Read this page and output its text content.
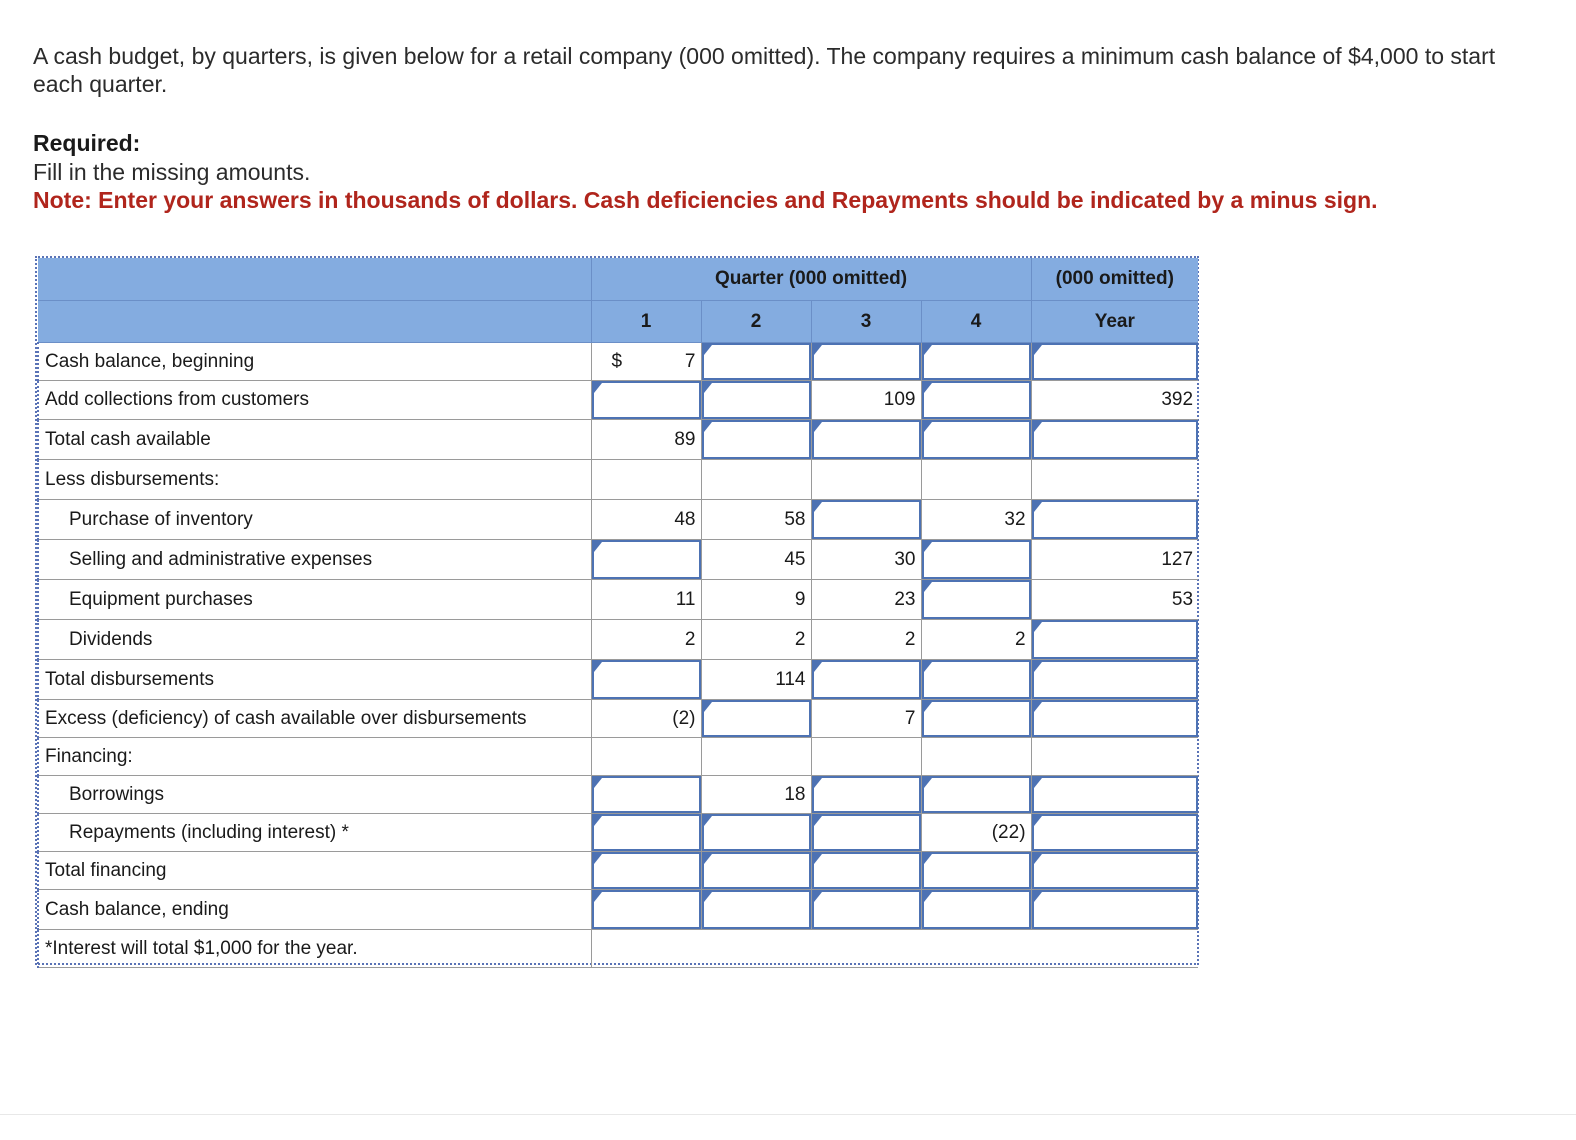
A cash budget, by quarters, is given below for a retail company (000 omitted). The company requires a minimum cash balance of $4,000 to start each quarter.
Required:
Fill in the missing amounts.
Note: Enter your answers in thousands of dollars. Cash deficiencies and Repayments should be indicated by a minus sign.
	Quarter (000 omitted)				(000 omitted)
	1	2	3	4	Year
Cash balance, beginning	$ 7				

Add collections from customers			109		392

Total cash available	89				

Less disbursements:					
Purchase of inventory	48	58		32	

Selling and administrative expenses		45	30		127

Equipment purchases	11	9	23		53

Dividends	2	2	2	2	

Total disbursements		114			

Excess (deficiency) of cash available over disbursements	(2)		7		

Financing:					
Borrowings		18			

Repayments (including interest) *				(22)	

Total financing	

Cash balance, ending	

*Interest will total $1,000 for the year.					
